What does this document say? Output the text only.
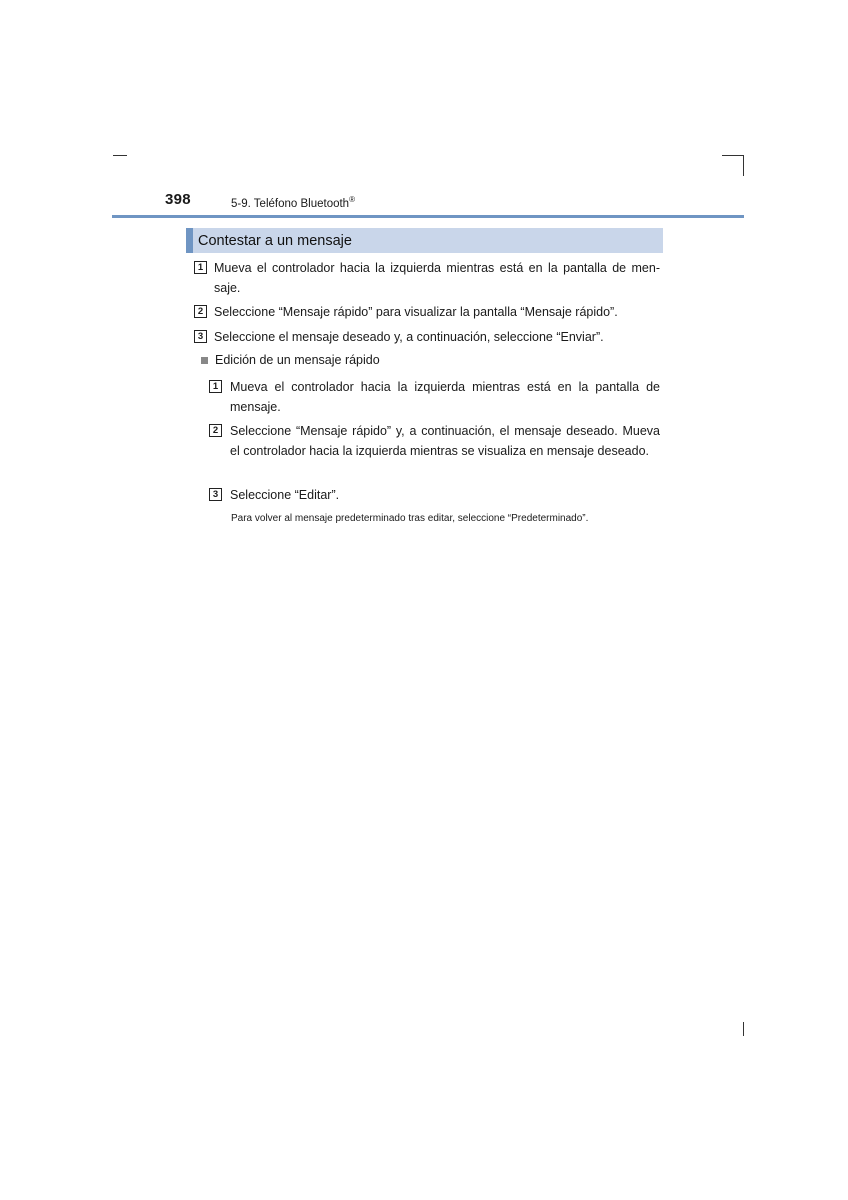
398	5-9. Teléfono Bluetooth®
Contestar a un mensaje
1 Mueva el controlador hacia la izquierda mientras está en la pantalla de men-saje.
2 Seleccione “Mensaje rápido” para visualizar la pantalla “Mensaje rápido”.
3 Seleccione el mensaje deseado y, a continuación, seleccione “Enviar”.
Edición de un mensaje rápido
1 Mueva el controlador hacia la izquierda mientras está en la pantalla de mensaje.
2 Seleccione “Mensaje rápido” y, a continuación, el mensaje deseado. Mueva el controlador hacia la izquierda mientras se visualiza en mensaje deseado.
3 Seleccione “Editar”.
Para volver al mensaje predeterminado tras editar, seleccione “Predeterminado”.
